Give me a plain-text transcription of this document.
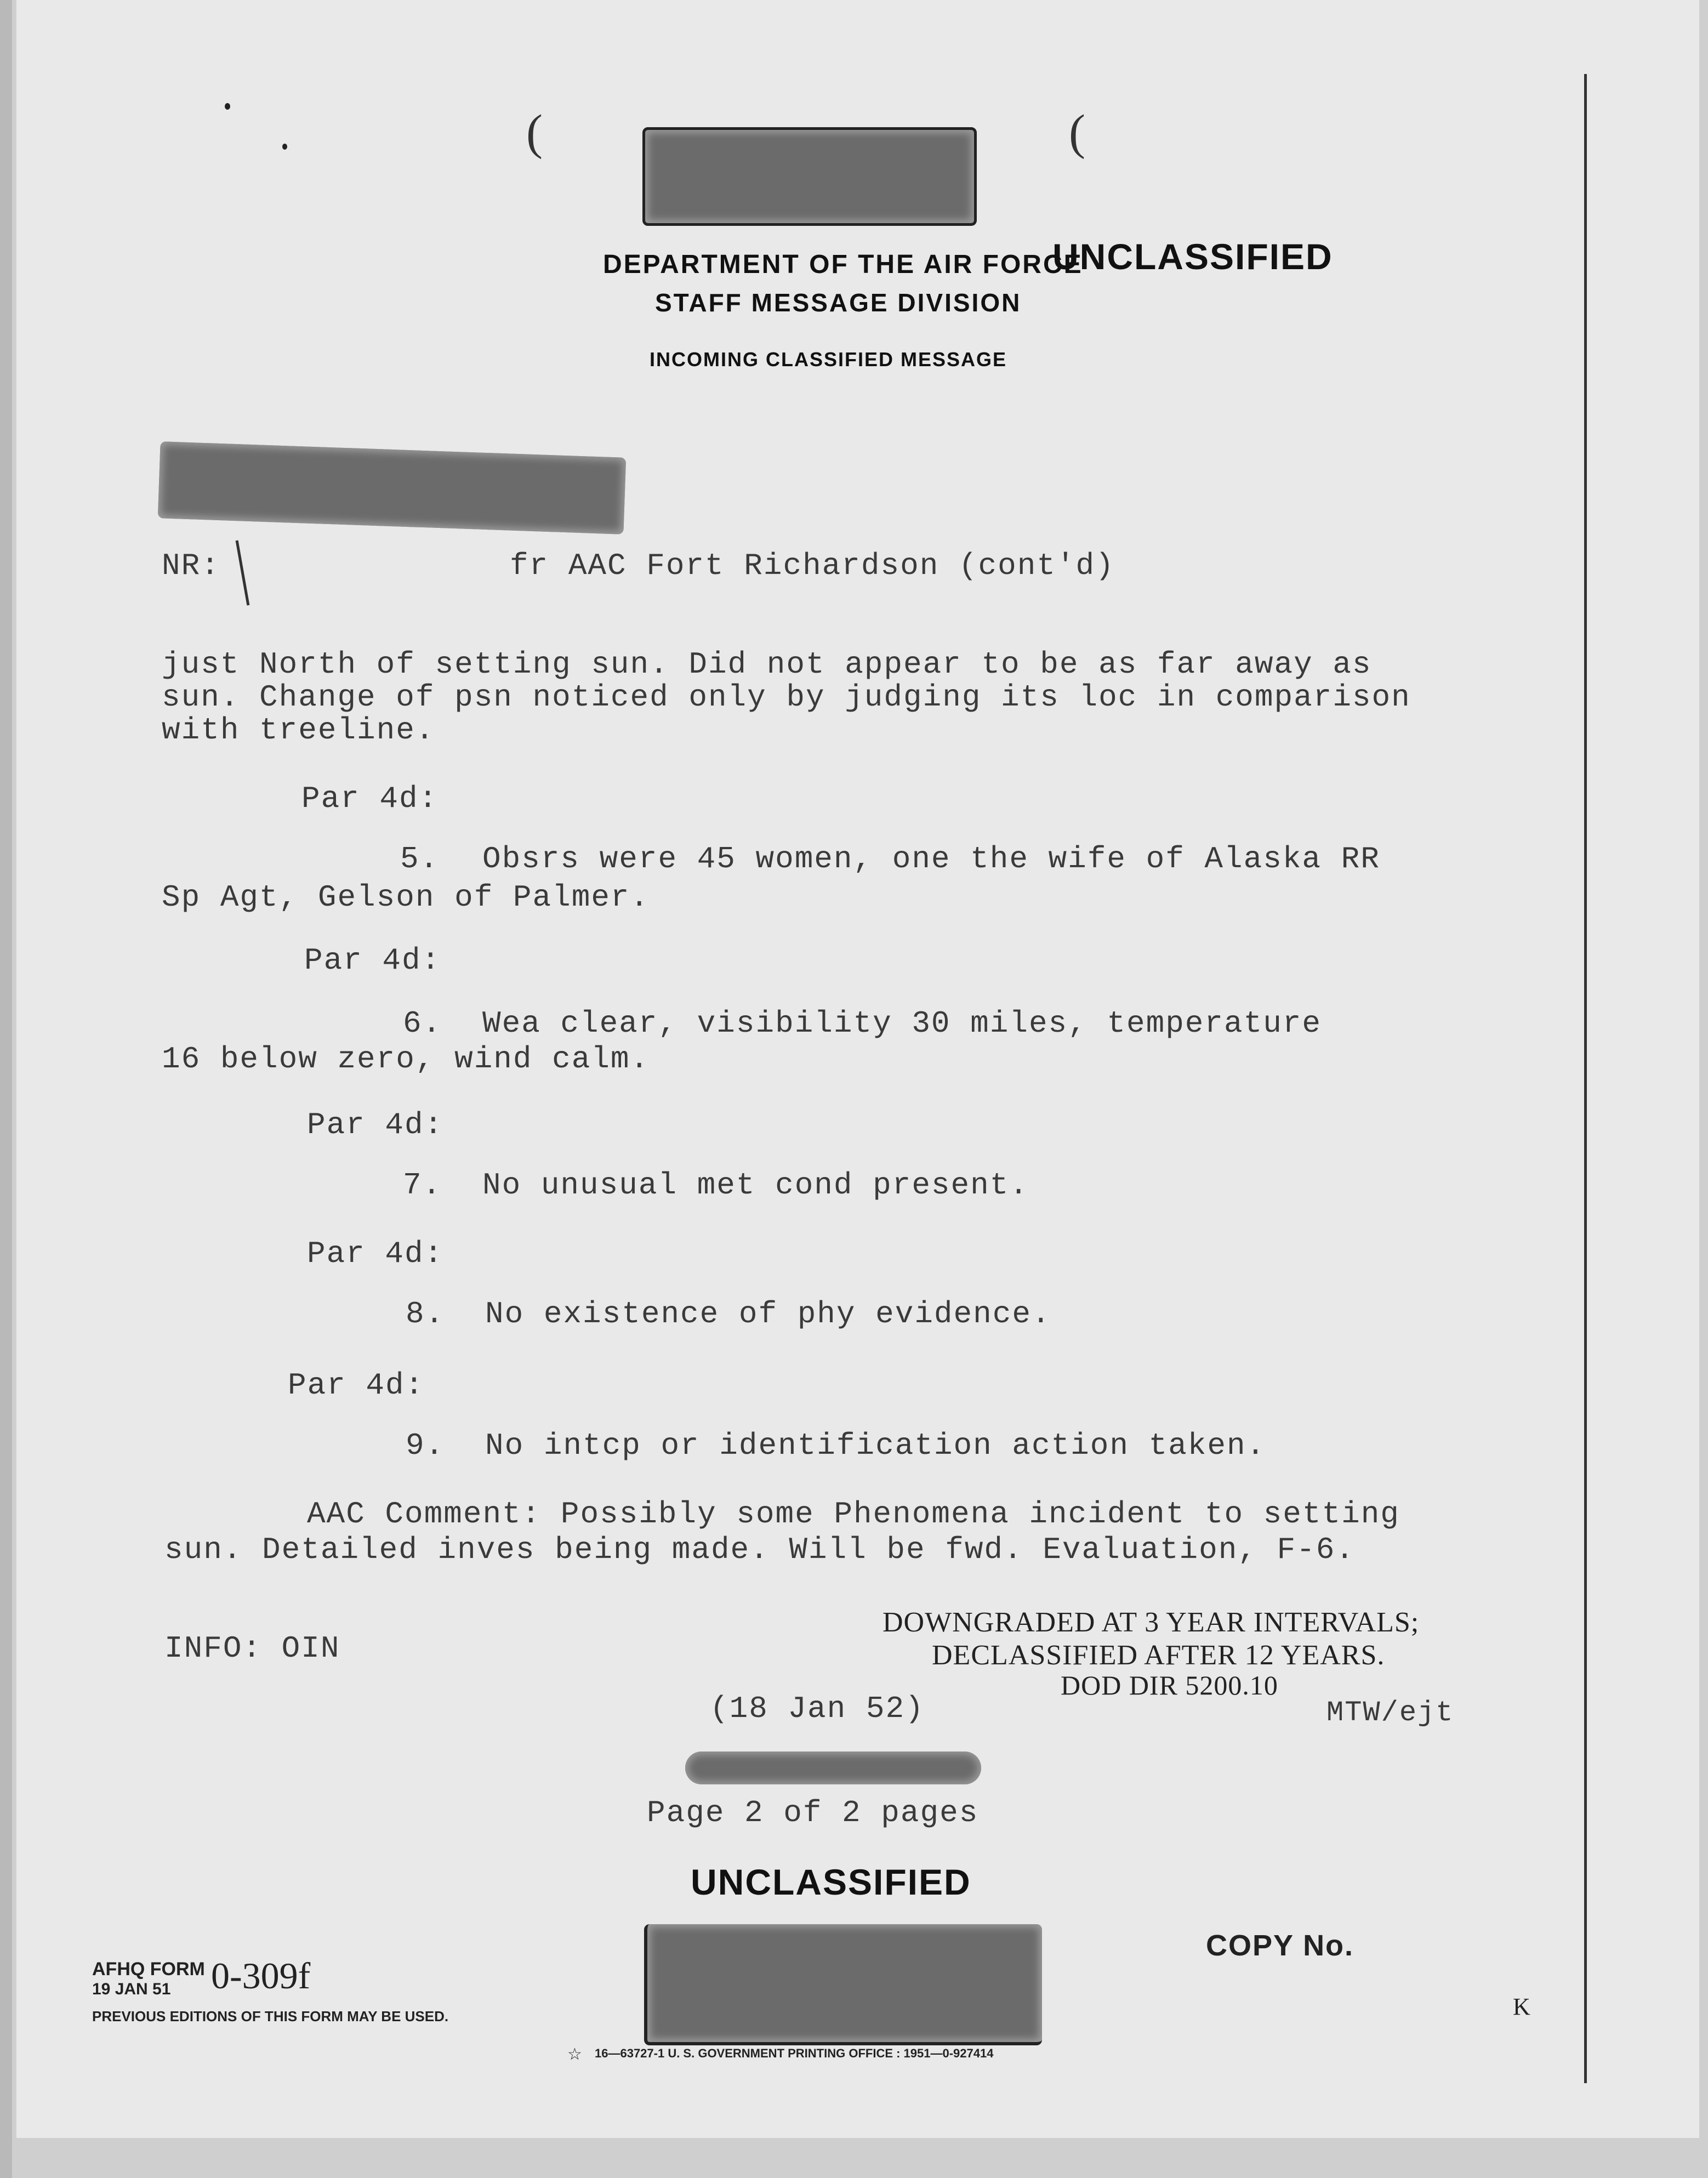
(	(
DEPARTMENT OF THE AIR FORCE
UNCLASSIFIED
STAFF MESSAGE DIVISION
INCOMING CLASSIFIED MESSAGE
NR:	fr AAC Fort Richardson (cont'd)
just North of setting sun. Did not appear to be as far away as
sun. Change of psn noticed only by judging its loc in comparison
with treeline.
Par 4d:
5. Obsrs were 45 women, one the wife of Alaska RR
Sp Agt, Gelson of Palmer.
Par 4d:
6. Wea clear, visibility 30 miles, temperature
16 below zero, wind calm.
Par 4d:
7. No unusual met cond present.
Par 4d:
8. No existence of phy evidence.
Par 4d:
9. No intcp or identification action taken.
AAC Comment: Possibly some Phenomena incident to setting
sun. Detailed inves being made. Will be fwd. Evaluation, F-6.
INFO: OIN
DOWNGRADED AT 3 YEAR INTERVALS;
DECLASSIFIED AFTER 12 YEARS.
DOD DIR 5200.10
(18 Jan 52)	MTW/ejt
Page 2 of 2 pages
UNCLASSIFIED
COPY No.
AFHQ FORM
19 JAN 51 0-309f
PREVIOUS EDITIONS OF THIS FORM MAY BE USED.
☆ 16—63727-1 U. S. GOVERNMENT PRINTING OFFICE : 1951—0-927414
K
